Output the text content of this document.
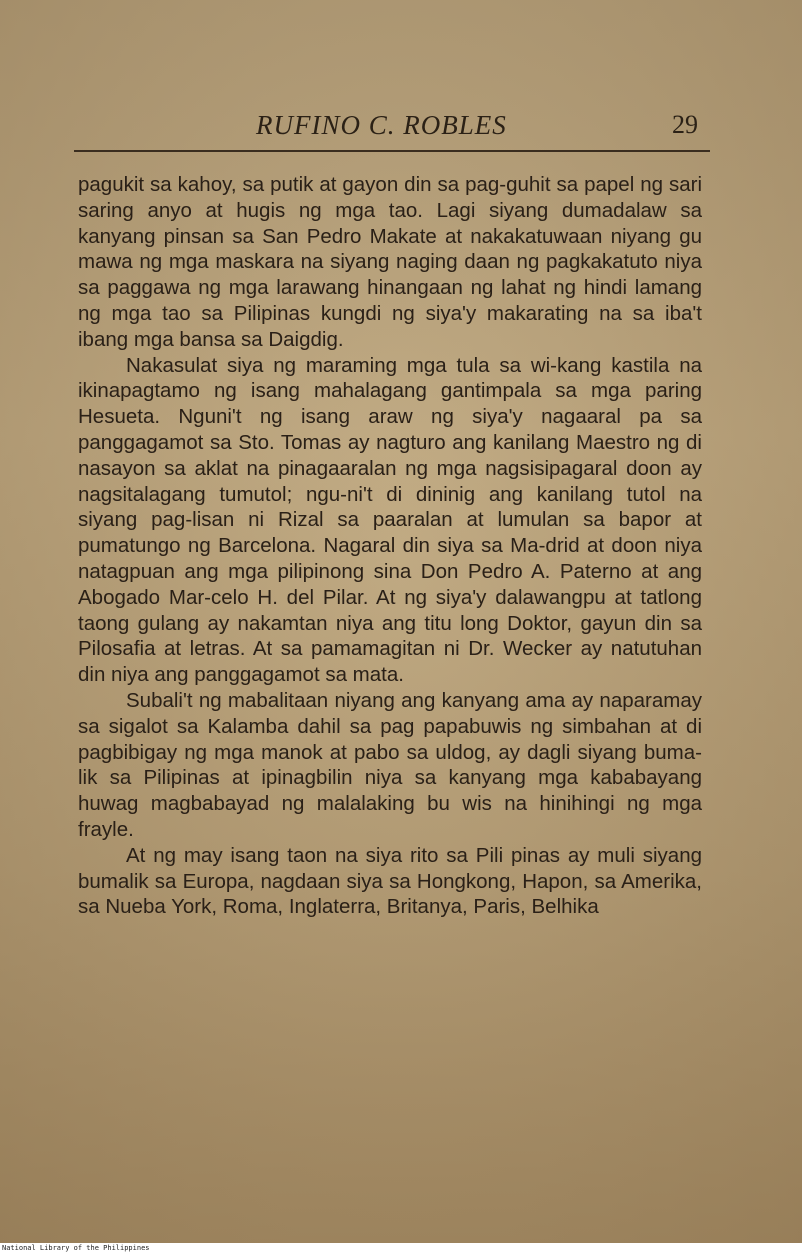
RUFINO C. ROBLES	29

pagukit sa kahoy, sa putik at gayon din sa pag-guhit sa papel ng sari saring anyo at hugis ng mga tao. Lagi siyang dumadalaw sa kanyang pinsan sa San Pedro Makate at nakakatuwaan niyang gu mawa ng mga maskara na siyang naging daan ng pagkakatuto niya sa paggawa ng mga larawang hinangaan ng lahat ng hindi lamang ng mga tao sa Pilipinas kungdi ng siya'y makarating na sa iba't ibang mga bansa sa Daigdig.

Nakasulat siya ng maraming mga tula sa wi-kang kastila na ikinapagtamo ng isang mahalagang gantimpala sa mga paring Hesueta. Nguni't ng isang araw ng siya'y nagaaral pa sa panggagamot sa Sto. Tomas ay nagturo ang kanilang Maestro ng di nasayon sa aklat na pinagaaralan ng mga nagsisipagaral doon ay nagsitalagang tumutol; ngu-ni't di dininig ang kanilang tutol na siyang pag-lisan ni Rizal sa paaralan at lumulan sa bapor at pumatungo ng Barcelona. Nagaral din siya sa Ma-drid at doon niya natagpuan ang mga pilipinong sina Don Pedro A. Paterno at ang Abogado Mar-celo H. del Pilar. At ng siya'y dalawangpu at tatlong taong gulang ay nakamtan niya ang titu long Doktor, gayun din sa Pilosafia at letras. At sa pamamagitan ni Dr. Wecker ay natutuhan din niya ang panggagamot sa mata.

Subali't ng mabalitaan niyang ang kanyang ama ay naparamay sa sigalot sa Kalamba dahil sa pag papabuwis ng simbahan at di pagbibigay ng mga manok at pabo sa uldog, ay dagli siyang buma-lik sa Pilipinas at ipinagbilin niya sa kanyang mga kababayang huwag magbabayad ng malalaking bu wis na hinihingi ng mga frayle.

At ng may isang taon na siya rito sa Pili pinas ay muli siyang bumalik sa Europa, nagdaan siya sa Hongkong, Hapon, sa Amerika, sa Nueba York, Roma, Inglaterra, Britanya, Paris, Belhika

National Library of the Philippines
